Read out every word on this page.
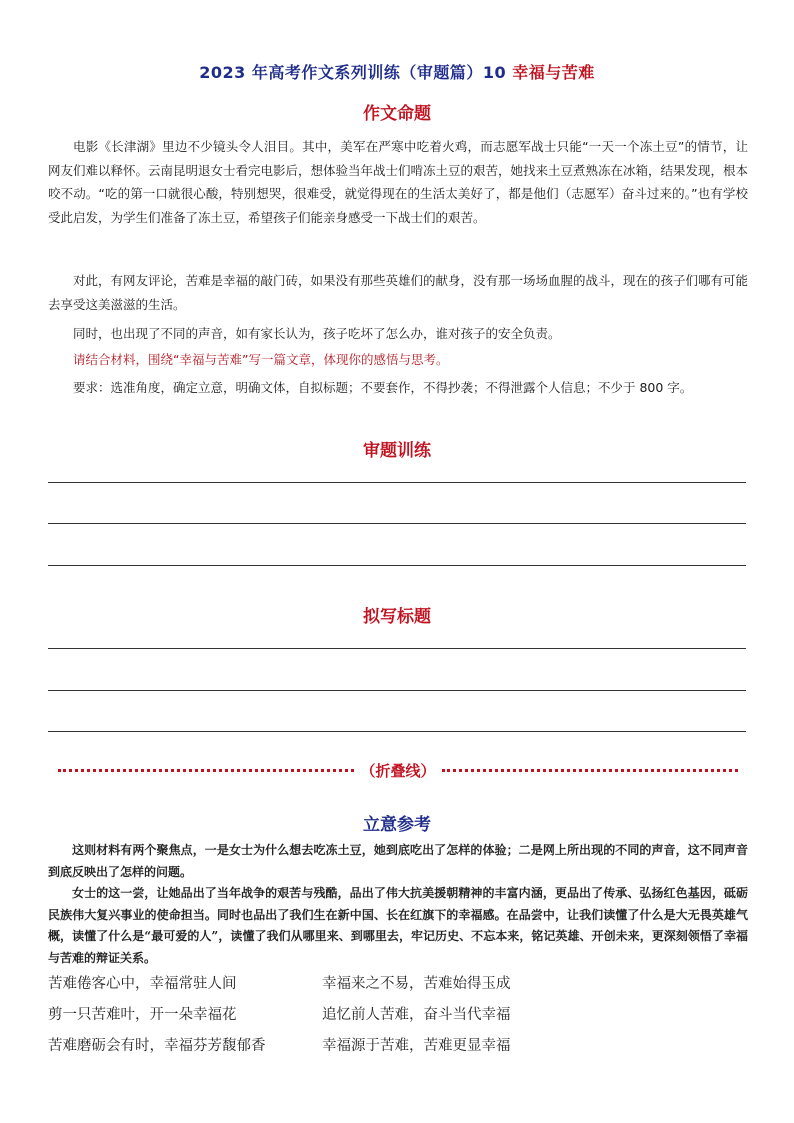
2023 年高考作文系列训练（审题篇）10 幸福与苦难
作文命题
电影《长津湖》里边不少镜头令人泪目。其中，美军在严寒中吃着火鸡，而志愿军战士只能“一天一个冻土豆”的情节，让网友们难以释怀。云南昆明退女士看完电影后，想体验当年战士们啃冻土豆的艰苦，她找来土豆煮熟冻在冰箱，结果发现，根本咬不动。“吃的第一口就很心酸，特别想哭，很难受，就觉得现在的生活太美好了，都是他们（志愿军）奋斗过来的。”也有学校受此启发，为学生们准备了冻土豆，希望孩子们能亲身感受一下战士们的艰苦。
对此，有网友评论，苦难是幸福的敲门砖，如果没有那些英雄们的献身，没有那一场场血腥的战斗，现在的孩子们哪有可能去享受这美滋滋的生活。
同时，也出现了不同的声音，如有家长认为，孩子吃坏了怎么办，谁对孩子的安全负责。
请结合材料，围绕“幸福与苦难”写一篇文章，体现你的感悟与思考。
要求：选准角度，确定立意，明确文体，自拟标题；不要套作，不得抄袭；不得泄露个人信息；不少于 800 字。
审题训练
拟写标题
（折叠线）
立意参考
这则材料有两个聚焦点，一是女士为什么想去吃冻土豆，她到底吃出了怎样的体验；二是网上所出现的不同的声音，这不同声音到底反映出了怎样的问题。
女士的这一尝，让她品出了当年战争的艰苦与残酷，品出了伟大抗美援朝精神的丰富内涵，更品出了传承、弘扬红色基因，砥砺民族伟大复兴事业的使命担当。同时也品出了我们生在新中国、长在红旗下的幸福感。在品尝中，让我们读懂了什么是大无畏英雄气概，读懂了什么是“最可爱的人”，读懂了我们从哪里来、到哪里去，牢记历史、不忘本来，铭记英雄、开创未来，更深刻领悟了幸福与苦难的辩证关系。
苦难倦客心中，幸福常驻人间	幸福来之不易，苦难始得玉成
剪一只苦难叶，开一朵幸福花	追忆前人苦难，奋斗当代幸福
苦难磨砺会有时，幸福芬芳馥郁香	幸福源于苦难，苦难更显幸福
